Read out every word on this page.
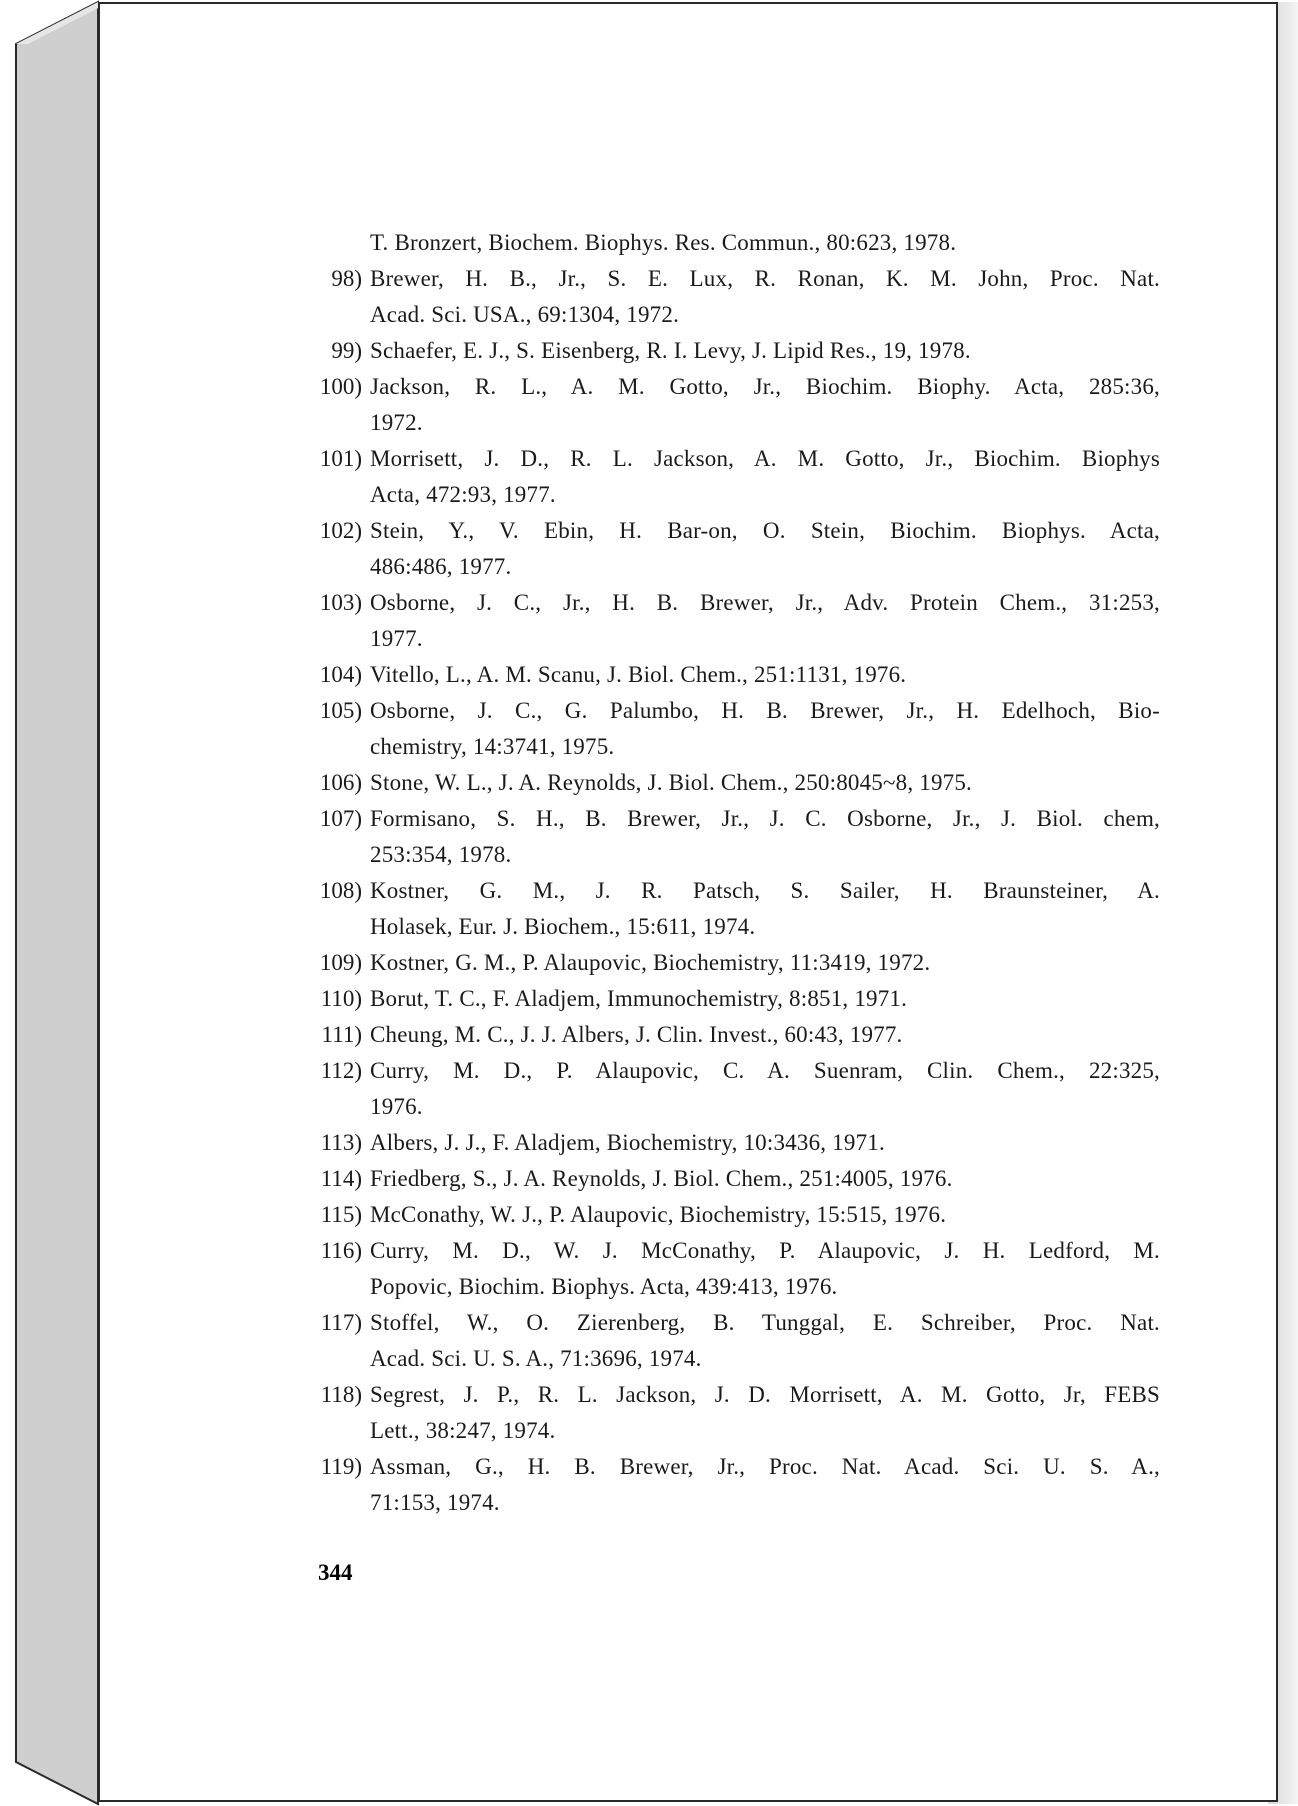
T. Bronzert, Biochem. Biophys. Res. Commun., 80:623, 1978.
98) Brewer, H. B., Jr., S. E. Lux, R. Ronan, K. M. John, Proc. Nat.
Acad. Sci. USA., 69:1304, 1972.
99) Schaefer, E. J., S. Eisenberg, R. I. Levy, J. Lipid Res., 19, 1978.
100) Jackson, R. L., A. M. Gotto, Jr., Biochim. Biophy. Acta, 285:36,
1972.
101) Morrisett, J. D., R. L. Jackson, A. M. Gotto, Jr., Biochim. Biophys
Acta, 472:93, 1977.
102) Stein, Y., V. Ebin, H. Bar-on, O. Stein, Biochim. Biophys. Acta,
486:486, 1977.
103) Osborne, J. C., Jr., H. B. Brewer, Jr., Adv. Protein Chem., 31:253,
1977.
104) Vitello, L., A. M. Scanu, J. Biol. Chem., 251:1131, 1976.
105) Osborne, J. C., G. Palumbo, H. B. Brewer, Jr., H. Edelhoch, Bio-
chemistry, 14:3741, 1975.
106) Stone, W. L., J. A. Reynolds, J. Biol. Chem., 250:8045~8, 1975.
107) Formisano, S. H., B. Brewer, Jr., J. C. Osborne, Jr., J. Biol. chem,
253:354, 1978.
108) Kostner, G. M., J. R. Patsch, S. Sailer, H. Braunsteiner, A.
Holasek, Eur. J. Biochem., 15:611, 1974.
109) Kostner, G. M., P. Alaupovic, Biochemistry, 11:3419, 1972.
110) Borut, T. C., F. Aladjem, Immunochemistry, 8:851, 1971.
111) Cheung, M. C., J. J. Albers, J. Clin. Invest., 60:43, 1977.
112) Curry, M. D., P. Alaupovic, C. A. Suenram, Clin. Chem., 22:325,
1976.
113) Albers, J. J., F. Aladjem, Biochemistry, 10:3436, 1971.
114) Friedberg, S., J. A. Reynolds, J. Biol. Chem., 251:4005, 1976.
115) McConathy, W. J., P. Alaupovic, Biochemistry, 15:515, 1976.
116) Curry, M. D., W. J. McConathy, P. Alaupovic, J. H. Ledford, M.
Popovic, Biochim. Biophys. Acta, 439:413, 1976.
117) Stoffel, W., O. Zierenberg, B. Tunggal, E. Schreiber, Proc. Nat.
Acad. Sci. U. S. A., 71:3696, 1974.
118) Segrest, J. P., R. L. Jackson, J. D. Morrisett, A. M. Gotto, Jr, FEBS
Lett., 38:247, 1974.
119) Assman, G., H. B. Brewer, Jr., Proc. Nat. Acad. Sci. U. S. A.,
71:153, 1974.
344
